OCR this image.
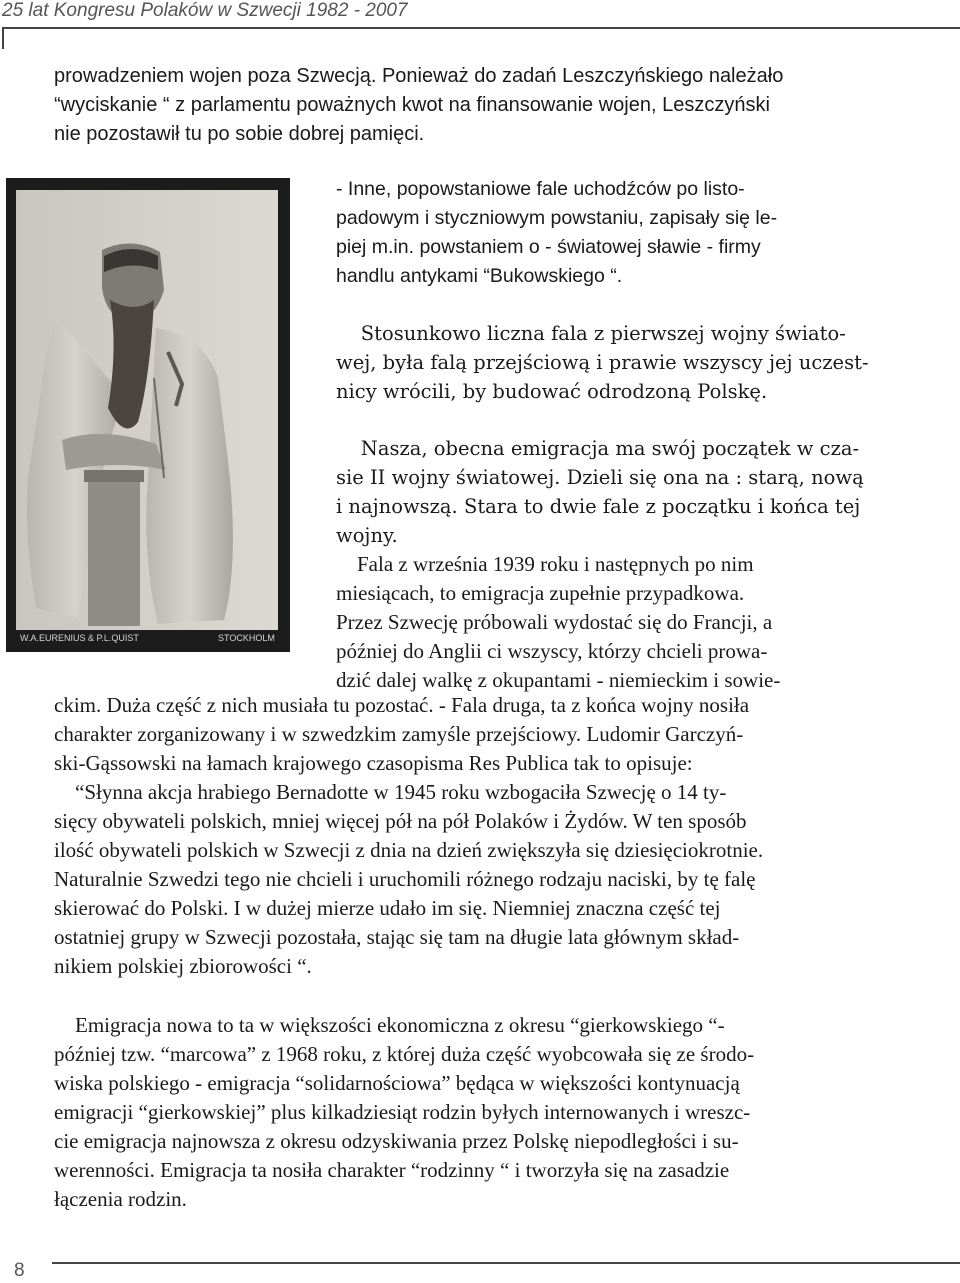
25 lat Kongresu Polaków w Szwecji 1982 - 2007
prowadzeniem wojen poza Szwecją. Ponieważ do zadań Leszczyńskiego należało
“wyciskanie “ z parlamentu poważnych kwot na finansowanie wojen, Leszczyński
nie pozostawił tu po sobie dobrej pamięci.
W.A.EURENIUS & P.L.QUIST	STOCKHOLM
- Inne, popowstaniowe fale uchodźców po listo-
padowym i styczniowym powstaniu, zapisały się le-
piej m.in. powstaniem o - światowej sławie - firmy
handlu antykami “Bukowskiego “.
Stosunkowo liczna fala z pierwszej wojny świato-
wej, była falą przejściową i prawie wszyscy jej uczest-
nicy wrócili, by budować odrodzoną Polskę.
Nasza, obecna emigracja ma swój początek w cza-
sie II wojny światowej. Dzieli się ona na : starą, nową
i najnowszą. Stara to dwie fale z początku i końca tej
wojny.
Fala z września 1939 roku i następnych po nim
miesiącach, to emigracja zupełnie przypadkowa.
Przez Szwecję próbowali wydostać się do Francji, a
później do Anglii ci wszyscy, którzy chcieli prowa-
dzić dalej walkę z okupantami - niemieckim i sowie-
ckim. Duża część z nich musiała tu pozostać. - Fala druga, ta z końca wojny nosiła
charakter zorganizowany i w szwedzkim zamyśle przejściowy. Ludomir Garczyń-
ski-Gąssowski na łamach krajowego czasopisma Res Publica tak to opisuje:
“Słynna akcja hrabiego Bernadotte w 1945 roku wzbogaciła Szwecję o 14 ty-
sięcy obywateli polskich, mniej więcej pół na pół Polaków i Żydów. W ten sposób
ilość obywateli polskich w Szwecji z dnia na dzień zwiększyła się dziesięciokrotnie.
Naturalnie Szwedzi tego nie chcieli i uruchomili różnego rodzaju naciski, by tę falę
skierować do Polski. I w dużej mierze udało im się. Niemniej znaczna część tej
ostatniej grupy w Szwecji pozostała, stając się tam na długie lata głównym skład-
nikiem polskiej zbiorowości “.
Emigracja nowa to ta w większości ekonomiczna z okresu “gierkowskiego “-
później tzw. “marcowa” z 1968 roku, z której duża część wyobcowała się ze środo-
wiska polskiego - emigracja “solidarnościowa” będąca w większości kontynuacją
emigracji “gierkowskiej” plus kilkadziesiąt rodzin byłych internowanych i wreszc-
cie emigracja najnowsza z okresu odzyskiwania przez Polskę niepodległości i su-
werenności. Emigracja ta nosiła charakter “rodzinny “ i tworzyła się na zasadzie
łączenia rodzin.
8
